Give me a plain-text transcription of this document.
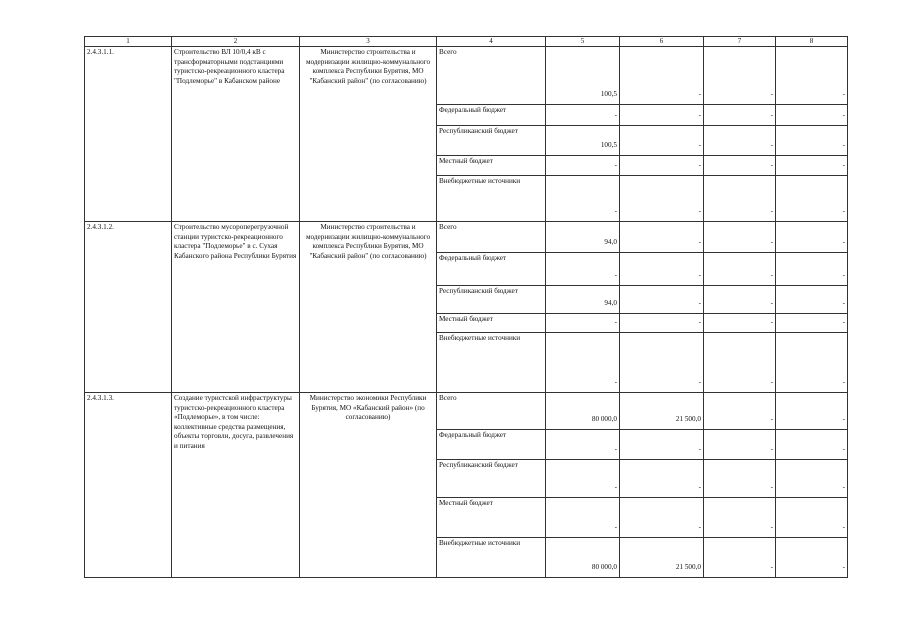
1	2	3	4	5	6	7	8
2.4.3.1.1.	Строительство ВЛ 10/0,4 кВ с трансформаторными подстанциями туристско-рекреационного кластера "Подлеморье" в Кабанском районе	Министерство строительства и модернизации жилищно-коммунального комплекса Республики Бурятия, МО "Кабанский район" (по согласованию)	Всего	100,5	-	-	-
			Федеральный бюджет	-	-	-	-
			Республиканский бюджет	100,5	-	-	-
			Местный бюджет	-	-	-	-
			Внебюджетные источники	-	-	-	-
2.4.3.1.2.	Строительство мусороперегрузочной станции туристско-рекреационного кластера "Подлеморье" в с. Сухая Кабанского района Республики Бурятия	Министерство строительства и модернизации жилищно-коммунального комплекса Республики Бурятия, МО "Кабанский район" (по согласованию)	Всего	94,0	-	-	-
			Федеральный бюджет	-	-	-	-
			Республиканский бюджет	94,0	-	-	-
			Местный бюджет	-	-	-	-
			Внебюджетные источники	-	-	-	-
2.4.3.1.3.	Создание туристской инфраструктуры туристско-рекреационного кластера «Подлеморье», в том числе: коллективные средства размещения, объекты торговли, досуга, развлечения и питания	Министерство экономики Республики Бурятия, МО «Кабанский район» (по согласованию)	Всего	80 000,0	21 500,0	-	-
			Федеральный бюджет	-	-	-	-
			Республиканский бюджет	-	-	-	-
			Местный бюджет	-	-	-	-
			Внебюджетные источники	80 000,0	21 500,0	-	-
